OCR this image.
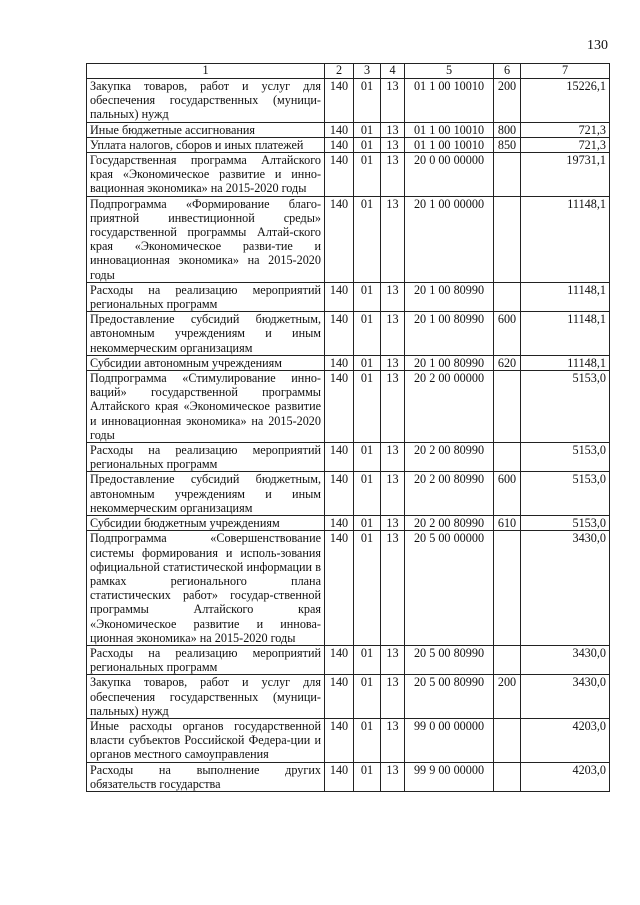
130
1	2	3	4	5	6	7
Закупка товаров, работ и услуг для обеспечения государственных (муници-пальных) нужд	140	01	13	01 1 00 10010	200	15226,1
Иные бюджетные ассигнования	140	01	13	01 1 00 10010	800	721,3
Уплата налогов, сборов и иных платежей	140	01	13	01 1 00 10010	850	721,3
Государственная программа Алтайского края «Экономическое развитие и инно-вационная экономика» на 2015-2020 годы	140	01	13	20 0 00 00000		19731,1
Подпрограмма «Формирование благо-приятной инвестиционной среды» государственной программы Алтай-ского края «Экономическое разви-тие и инновационная экономика» на 2015-2020 годы	140	01	13	20 1 00 00000		11148,1
Расходы на реализацию мероприятий региональных программ	140	01	13	20 1 00 80990		11148,1
Предоставление субсидий бюджетным, автономным учреждениям и иным некоммерческим организациям	140	01	13	20 1 00 80990	600	11148,1
Субсидии автономным учреждениям	140	01	13	20 1 00 80990	620	11148,1
Подпрограмма «Стимулирование инно-ваций» государственной программы Алтайского края «Экономическое развитие и инновационная экономика» на 2015-2020 годы	140	01	13	20 2 00 00000		5153,0
Расходы на реализацию мероприятий региональных программ	140	01	13	20 2 00 80990		5153,0
Предоставление субсидий бюджетным, автономным учреждениям и иным некоммерческим организациям	140	01	13	20 2 00 80990	600	5153,0
Субсидии бюджетным учреждениям	140	01	13	20 2 00 80990	610	5153,0
Подпрограмма «Совершенствование системы формирования и исполь-зования официальной статистической информации в рамках регионального плана статистических работ» государ-ственной программы Алтайского края «Экономическое развитие и иннова-ционная экономика» на 2015-2020 годы	140	01	13	20 5 00 00000		3430,0
Расходы на реализацию мероприятий региональных программ	140	01	13	20 5 00 80990		3430,0
Закупка товаров, работ и услуг для обеспечения государственных (муници-пальных) нужд	140	01	13	20 5 00 80990	200	3430,0
Иные расходы органов государственной власти субъектов Российской Федера-ции и органов местного самоуправления	140	01	13	99 0 00 00000		4203,0
Расходы на выполнение других обязательств государства	140	01	13	99 9 00 00000		4203,0
